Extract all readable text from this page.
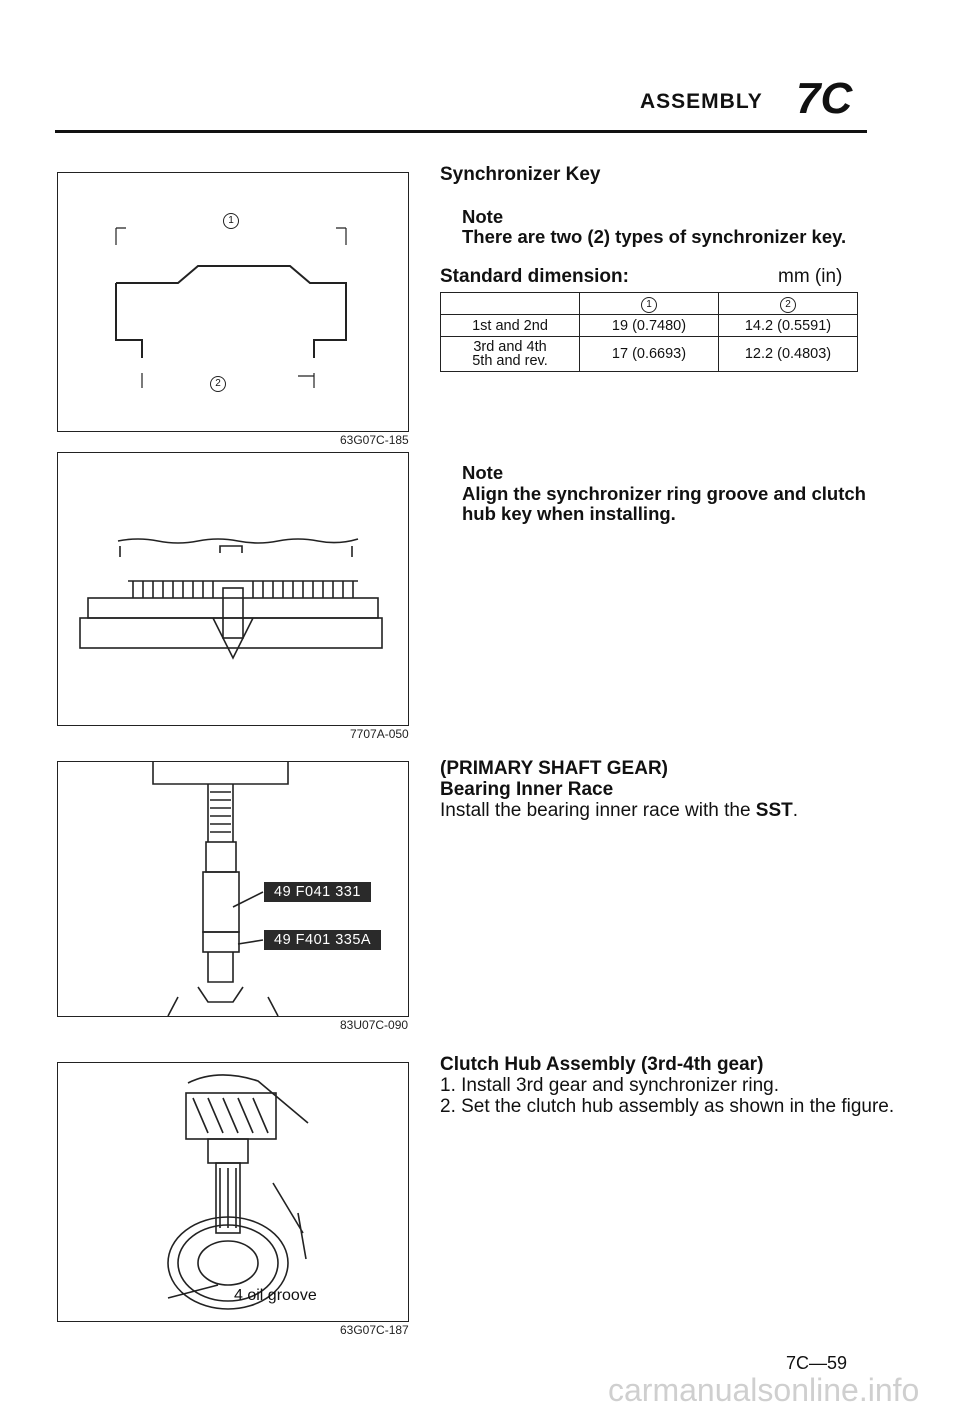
ASSEMBLY 7C
1
2
63G07C-185
7707A-050
49 F041 331
49 F401 335A
83U07C-090
4 oil groove
63G07C-187
Synchronizer Key
Note
There are two (2) types of synchronizer key.
Standard dimension:	mm (in)
	1	2
1st and 2nd	19 (0.7480)	14.2 (0.5591)

3rd and 4th
5th and rev.	17 (0.6693)	12.2 (0.4803)
Note
Align the synchronizer ring groove and clutch
hub key when installing.
(PRIMARY SHAFT GEAR)
Bearing Inner Race
Install the bearing inner race with the SST.
Clutch Hub Assembly (3rd-4th gear)
1. Install 3rd gear and synchronizer ring.
2. Set the clutch hub assembly as shown in the figure.
7C—59
carmanualsonline.info
